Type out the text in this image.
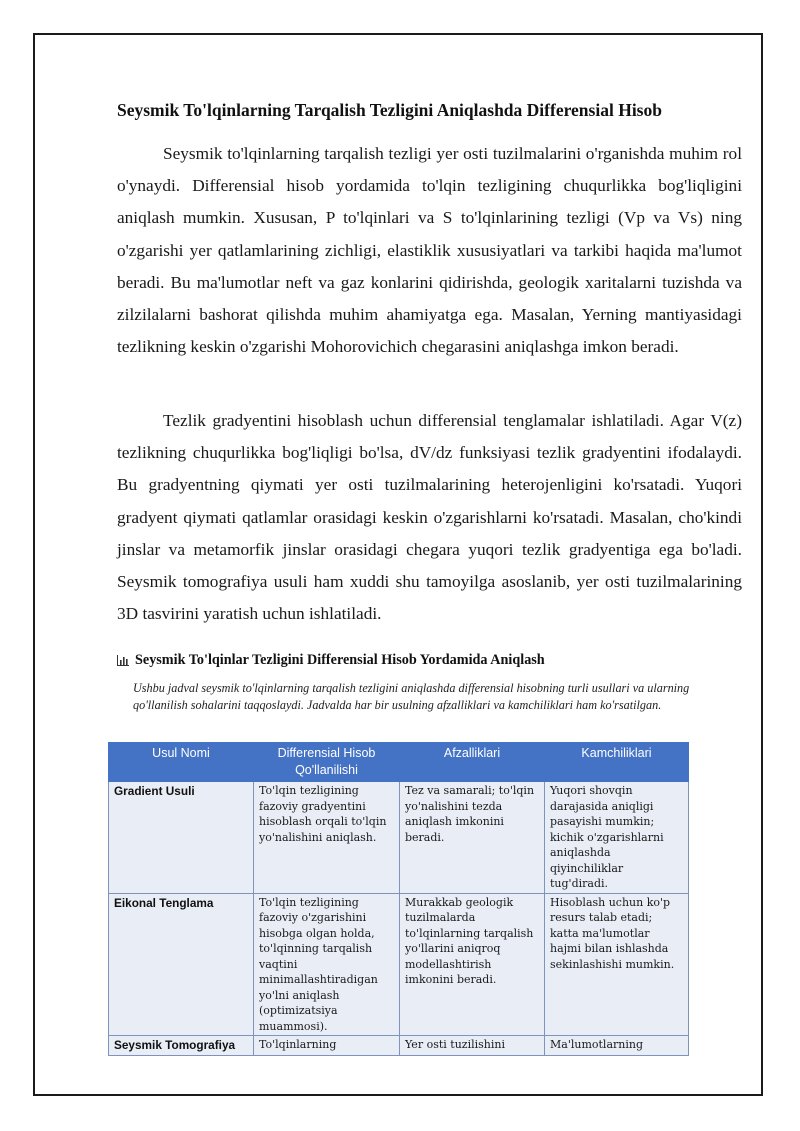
Seysmik To'lqinlarning Tarqalish Tezligini Aniqlashda Differensial Hisob

Seysmik to'lqinlarning tarqalish tezligi yer osti tuzilmalarini o'rganishda muhim rol o'ynaydi. Differensial hisob yordamida to'lqin tezligining chuqurlikka bog'liqligini aniqlash mumkin. Xususan, P to'lqinlari va S to'lqinlarining tezligi (Vp va Vs) ning o'zgarishi yer qatlamlarining zichligi, elastiklik xususiyatlari va tarkibi haqida ma'lumot beradi. Bu ma'lumotlar neft va gaz konlarini qidirishda, geologik xaritalarni tuzishda va zilzilalarni bashorat qilishda muhim ahamiyatga ega. Masalan, Yerning mantiyasidagi tezlikning keskin o'zgarishi Mohorovichich chegarasini aniqlashga imkon beradi.

Tezlik gradyentini hisoblash uchun differensial tenglamalar ishlatiladi. Agar V(z) tezlikning chuqurlikka bog'liqligi bo'lsa, dV/dz funksiyasi tezlik gradyentini ifodalaydi. Bu gradyentning qiymati yer osti tuzilmalarining heterojenligini ko'rsatadi. Yuqori gradyent qiymati qatlamlar orasidagi keskin o'zgarishlarni ko'rsatadi. Masalan, cho'kindi jinslar va metamorfik jinslar orasidagi chegara yuqori tezlik gradyentiga ega bo'ladi. Seysmik tomografiya usuli ham xuddi shu tamoyilga asoslanib, yer osti tuzilmalarining 3D tasvirini yaratish uchun ishlatiladi.

Seysmik To'lqinlar Tezligini Differensial Hisob Yordamida Aniqlash

Ushbu jadval seysmik to'lqinlarning tarqalish tezligini aniqlashda differensial hisobning turli usullari va ularning qo'llanilish sohalarini taqqoslaydi. Jadvalda har bir usulning afzalliklari va kamchiliklari ham ko'rsatilgan.

Usul Nomi	Differensial Hisob Qo'llanilishi	Afzalliklari	Kamchiliklari
Gradient Usuli	To'lqin tezligining fazoviy gradyentini hisoblash orqali to'lqin yo'nalishini aniqlash.	Tez va samarali; to'lqin yo'nalishini tezda aniqlash imkonini beradi.	Yuqori shovqin darajasida aniqligi pasayishi mumkin; kichik o'zgarishlarni aniqlashda qiyinchiliklar tug'diradi.
Eikonal Tenglama	To'lqin tezligining fazoviy o'zgarishini hisobga olgan holda, to'lqinning tarqalish vaqtini minimallashtiradigan yo'lni aniqlash (optimizatsiya muammosi).	Murakkab geologik tuzilmalarda to'lqinlarning tarqalish yo'llarini aniqroq modellashtirish imkonini beradi.	Hisoblash uchun ko'p resurs talab etadi; katta ma'lumotlar hajmi bilan ishlashda sekinlashishi mumkin.
Seysmik Tomografiya	To'lqinlarning	Yer osti tuzilishini	Ma'lumotlarning
